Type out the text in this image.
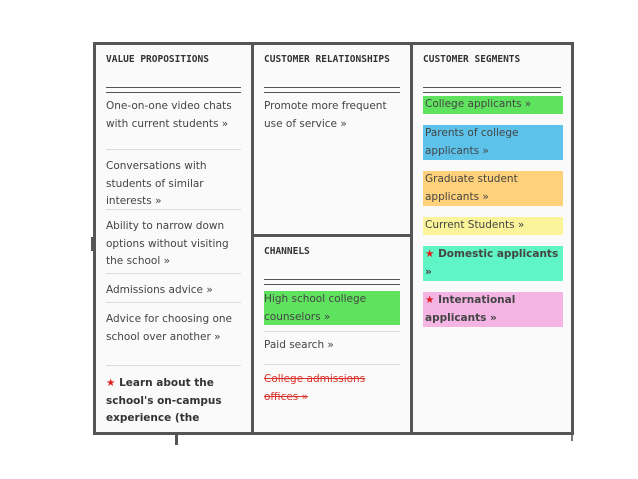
VALUE PROPOSITIONS
One-on-one video chats with current students »
Conversations with students of similar interests »
Ability to narrow down options without visiting the school »
Admissions advice »
Advice for choosing one school over another »
★ Learn about the school's on-campus experience (the
CUSTOMER RELATIONSHIPS
Promote more frequent use of service »
CHANNELS
High school college counselors »
Paid search »
College admissions offices »
CUSTOMER SEGMENTS
College applicants »
Parents of college applicants »
Graduate student applicants »
Current Students »
★ Domestic applicants »
★ International applicants »
